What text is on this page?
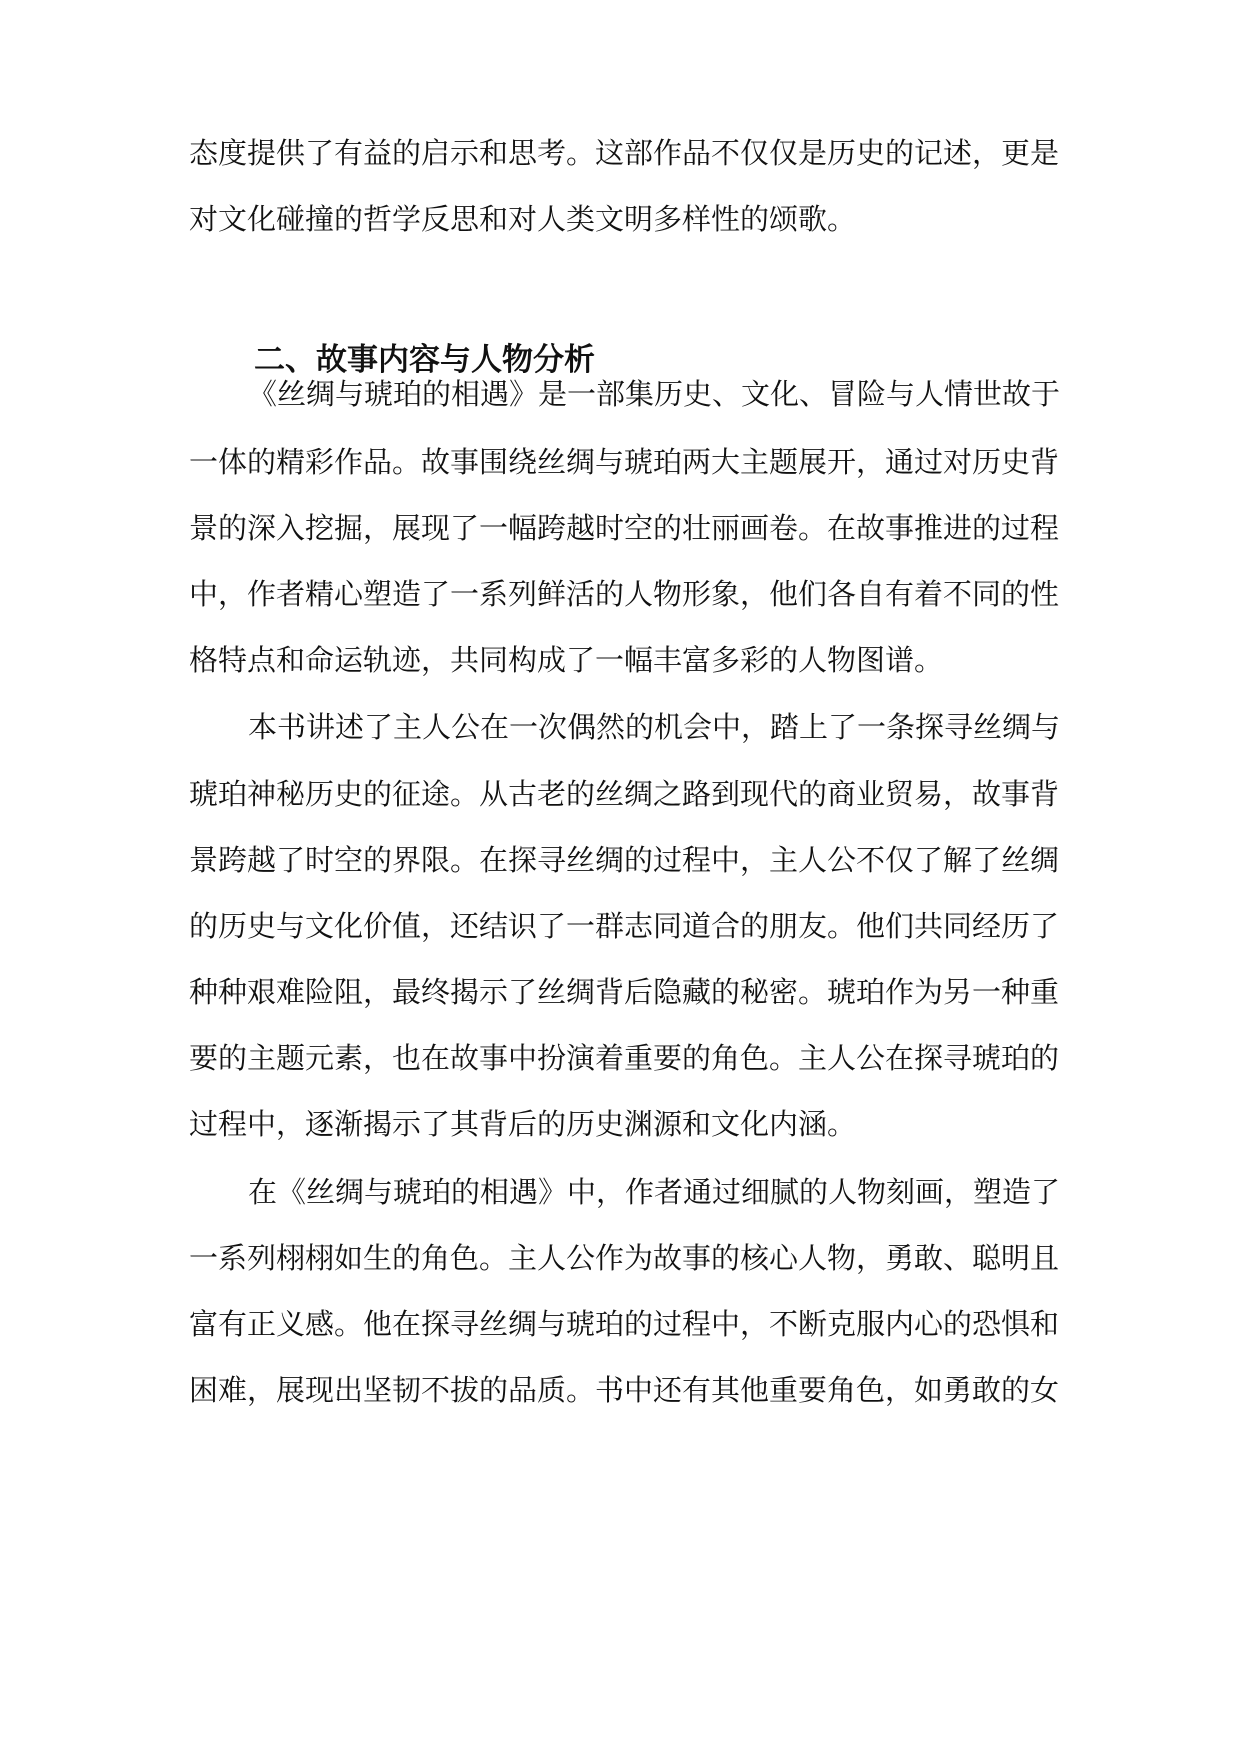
态度提供了有益的启示和思考。这部作品不仅仅是历史的记述，更是
对文化碰撞的哲学反思和对人类文明多样性的颂歌。
二、故事内容与人物分析
《丝绸与琥珀的相遇》是一部集历史、文化、冒险与人情世故于
一体的精彩作品。故事围绕丝绸与琥珀两大主题展开，通过对历史背
景的深入挖掘，展现了一幅跨越时空的壮丽画卷。在故事推进的过程
中，作者精心塑造了一系列鲜活的人物形象，他们各自有着不同的性
格特点和命运轨迹，共同构成了一幅丰富多彩的人物图谱。
本书讲述了主人公在一次偶然的机会中，踏上了一条探寻丝绸与
琥珀神秘历史的征途。从古老的丝绸之路到现代的商业贸易，故事背
景跨越了时空的界限。在探寻丝绸的过程中，主人公不仅了解了丝绸
的历史与文化价值，还结识了一群志同道合的朋友。他们共同经历了
种种艰难险阻，最终揭示了丝绸背后隐藏的秘密。琥珀作为另一种重
要的主题元素，也在故事中扮演着重要的角色。主人公在探寻琥珀的
过程中，逐渐揭示了其背后的历史渊源和文化内涵。
在《丝绸与琥珀的相遇》中，作者通过细腻的人物刻画，塑造了
一系列栩栩如生的角色。主人公作为故事的核心人物，勇敢、聪明且
富有正义感。他在探寻丝绸与琥珀的过程中，不断克服内心的恐惧和
困难，展现出坚韧不拔的品质。书中还有其他重要角色，如勇敢的女
